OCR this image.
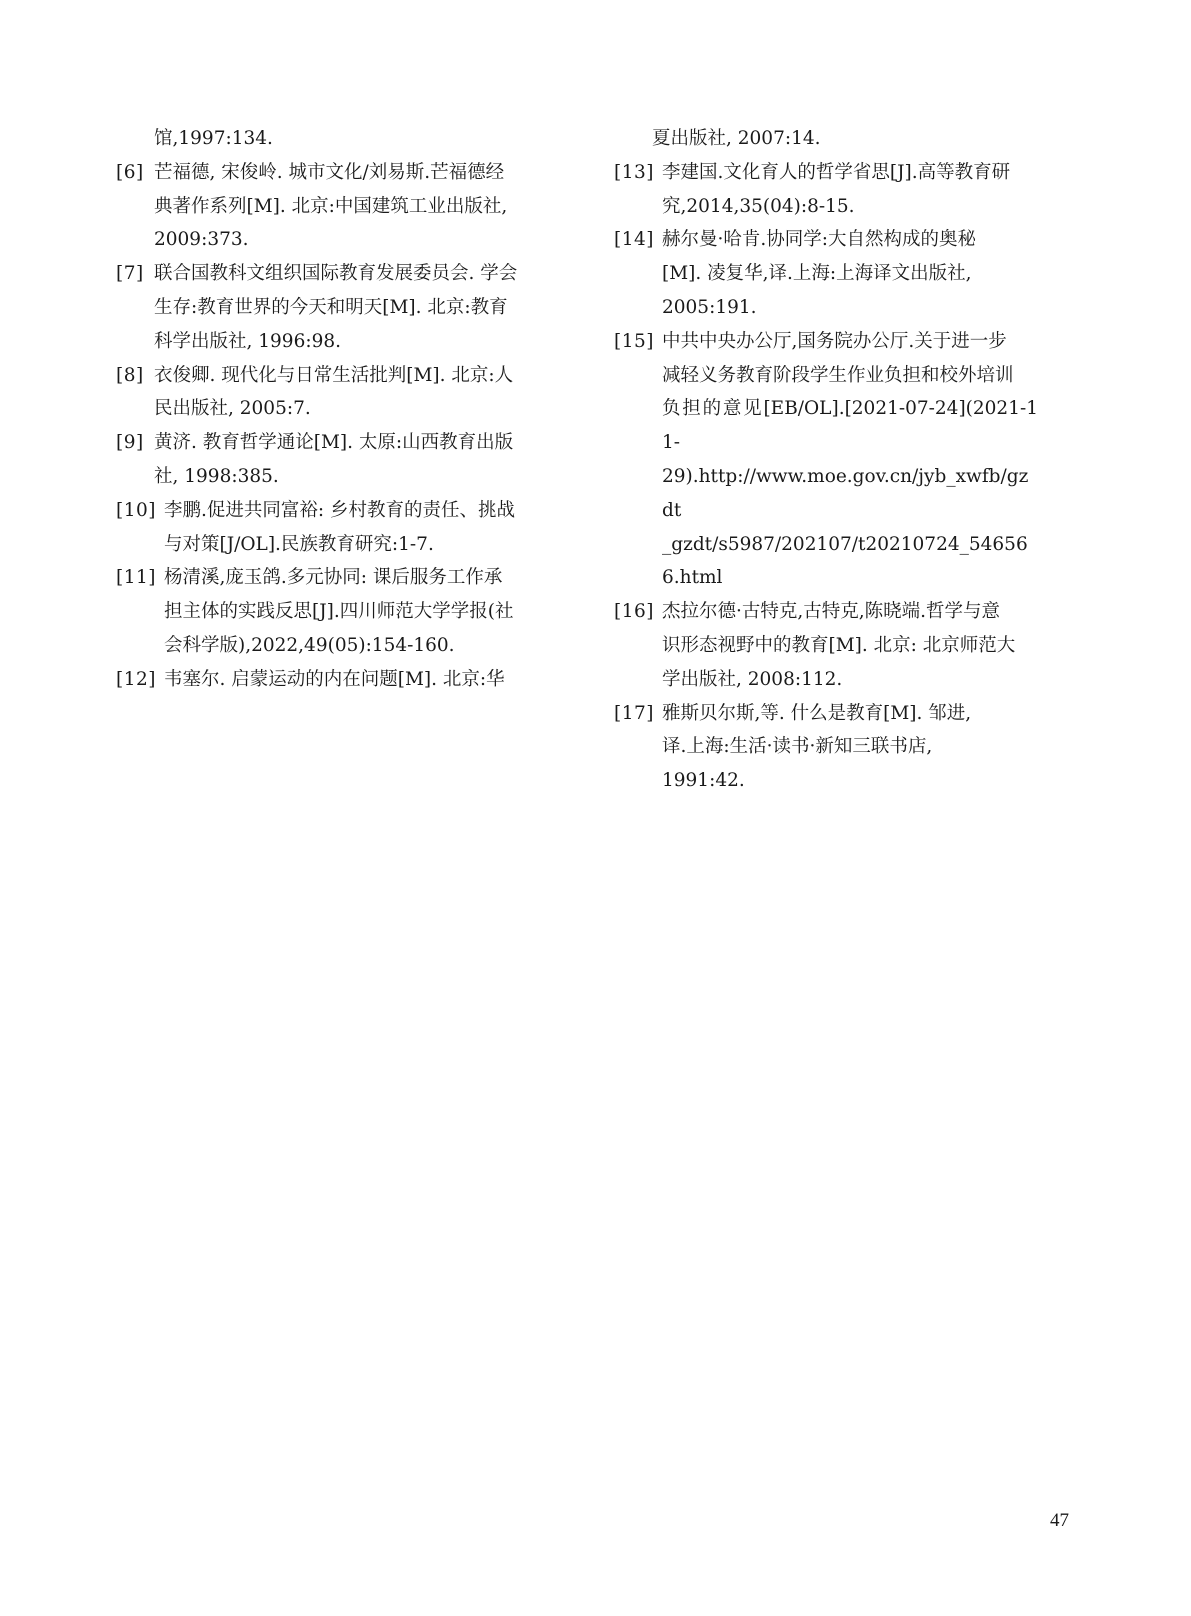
馆,1997:134.
[6] 芒福德, 宋俊岭. 城市文化/刘易斯.芒福德经
典著作系列[M]. 北京:中国建筑工业出版社,
2009:373.
[7] 联合国教科文组织国际教育发展委员会. 学会
生存:教育世界的今天和明天[M]. 北京:教育
科学出版社, 1996:98.
[8] 衣俊卿. 现代化与日常生活批判[M]. 北京:人
民出版社, 2005:7.
[9] 黄济. 教育哲学通论[M]. 太原:山西教育出版
社, 1998:385.
[10] 李鹏.促进共同富裕: 乡村教育的责任、挑战
与对策[J/OL].民族教育研究:1-7.
[11] 杨清溪,庞玉鸽.多元协同: 课后服务工作承
担主体的实践反思[J].四川师范大学学报(社
会科学版),2022,49(05):154-160.
[12] 韦塞尔. 启蒙运动的内在问题[M]. 北京:华
夏出版社, 2007:14.
[13] 李建国.文化育人的哲学省思[J].高等教育研
究,2014,35(04):8-15.
[14] 赫尔曼·哈肯.协同学:大自然构成的奥秘
[M]. 凌复华,译.上海:上海译文出版社,
2005:191.
[15] 中共中央办公厅,国务院办公厅.关于进一步
减轻义务教育阶段学生作业负担和校外培训
负担的意见[EB/OL].[2021-07-24](2021-11-
29).http://www.moe.gov.cn/jyb_xwfb/gzdt
_gzdt/s5987/202107/t20210724_546566.html
[16] 杰拉尔德·古特克,古特克,陈晓端.哲学与意
识形态视野中的教育[M]. 北京: 北京师范大
学出版社, 2008:112.
[17] 雅斯贝尔斯,等. 什么是教育[M]. 邹进,
译.上海:生活·读书·新知三联书店,
1991:42.
47
